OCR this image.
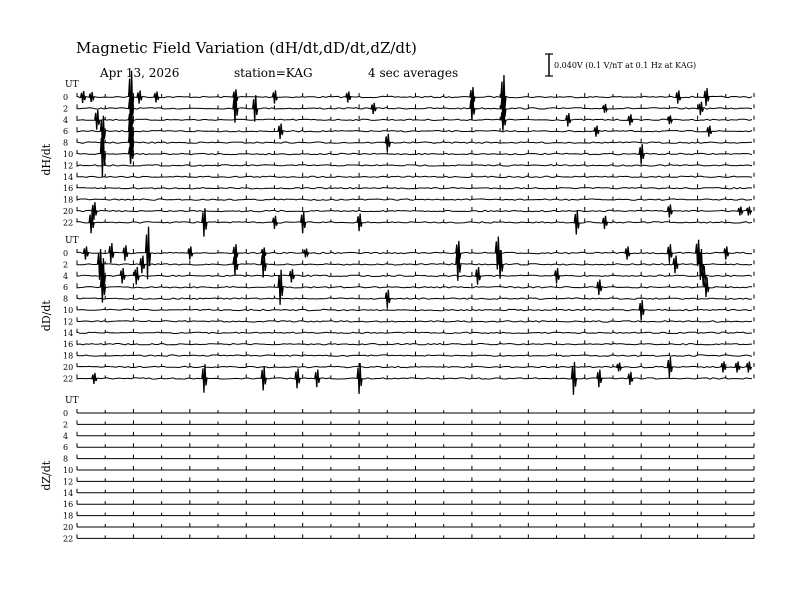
Magnetic Field Variation (dH/dt,dD/dt,dZ/dt)
Apr 13, 2026	station=KAG	4 sec averages
0.040V (0.1 V/nT at 0.1 Hz at KAG)
UT
dH/dt
0
2
4
6
8
10
12
14
16
18
20
22
UT
dD/dt
0
2
4
6
8
10
12
14
16
18
20
22
UT
dZ/dt
0
2
4
6
8
10
12
14
16
18
20
22
